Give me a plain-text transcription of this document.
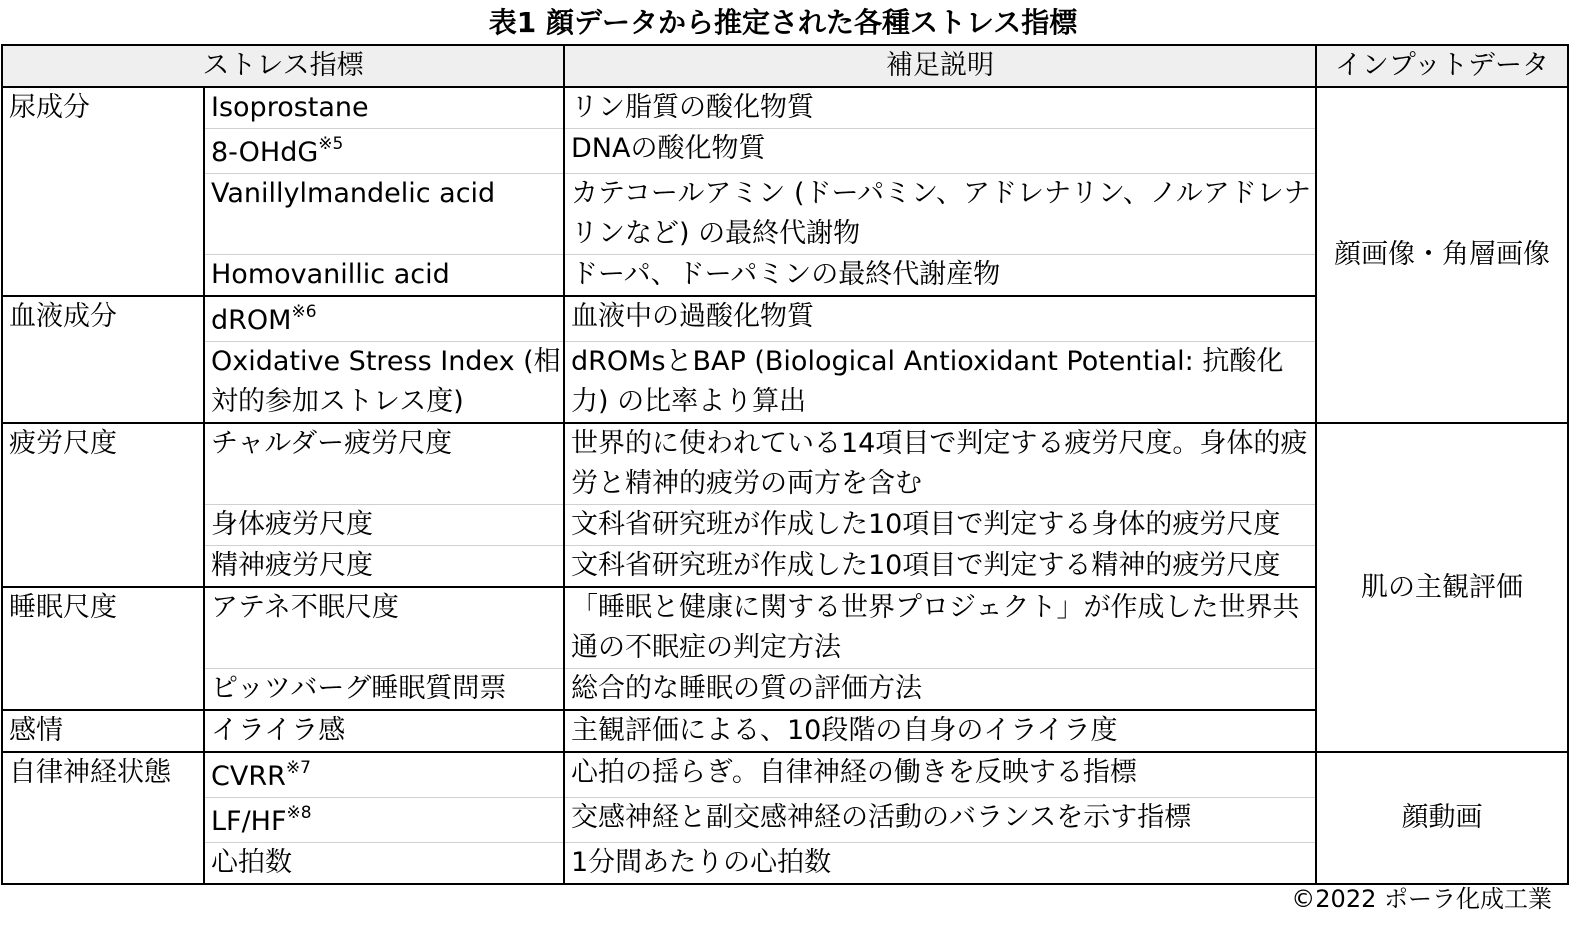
表1 顔データから推定された各種ストレス指標
ストレス指標		補足説明	インプットデータ
尿成分	Isoprostane	リン脂質の酸化物質	顔画像・角層画像
	8-OHdG$^{※5}$	DNAの酸化物質	
	Vanillylmandelic acid	カテコールアミン (ドーパミン、アドレナリン、ノルアドレナリンなど) の最終代謝物	
	Homovanillic acid	ドーパ、ドーパミンの最終代謝産物	
血液成分	dROM$^{※6}$	血液中の過酸化物質	
	Oxidative Stress Index (相対的参加ストレス度)	dROMsとBAP (Biological Antioxidant Potential: 抗酸化力) の比率より算出	
疲労尺度	チャルダー疲労尺度	世界的に使われている14項目で判定する疲労尺度。身体的疲労と精神的疲労の両方を含む	肌の主観評価
	身体疲労尺度	文科省研究班が作成した10項目で判定する身体的疲労尺度	
	精神疲労尺度	文科省研究班が作成した10項目で判定する精神的疲労尺度	
睡眠尺度	アテネ不眠尺度	「睡眠と健康に関する世界プロジェクト」が作成した世界共通の不眠症の判定方法	
	ピッツバーグ睡眠質問票	総合的な睡眠の質の評価方法	
感情	イライラ感	主観評価による、10段階の自身のイライラ度	
自律神経状態	CVRR$^{※7}$	心拍の揺らぎ。自律神経の働きを反映する指標	顔動画
	LF/HF$^{※8}$	交感神経と副交感神経の活動のバランスを示す指標	
	心拍数	1分間あたりの心拍数	
©2022 ポーラ化成工業
